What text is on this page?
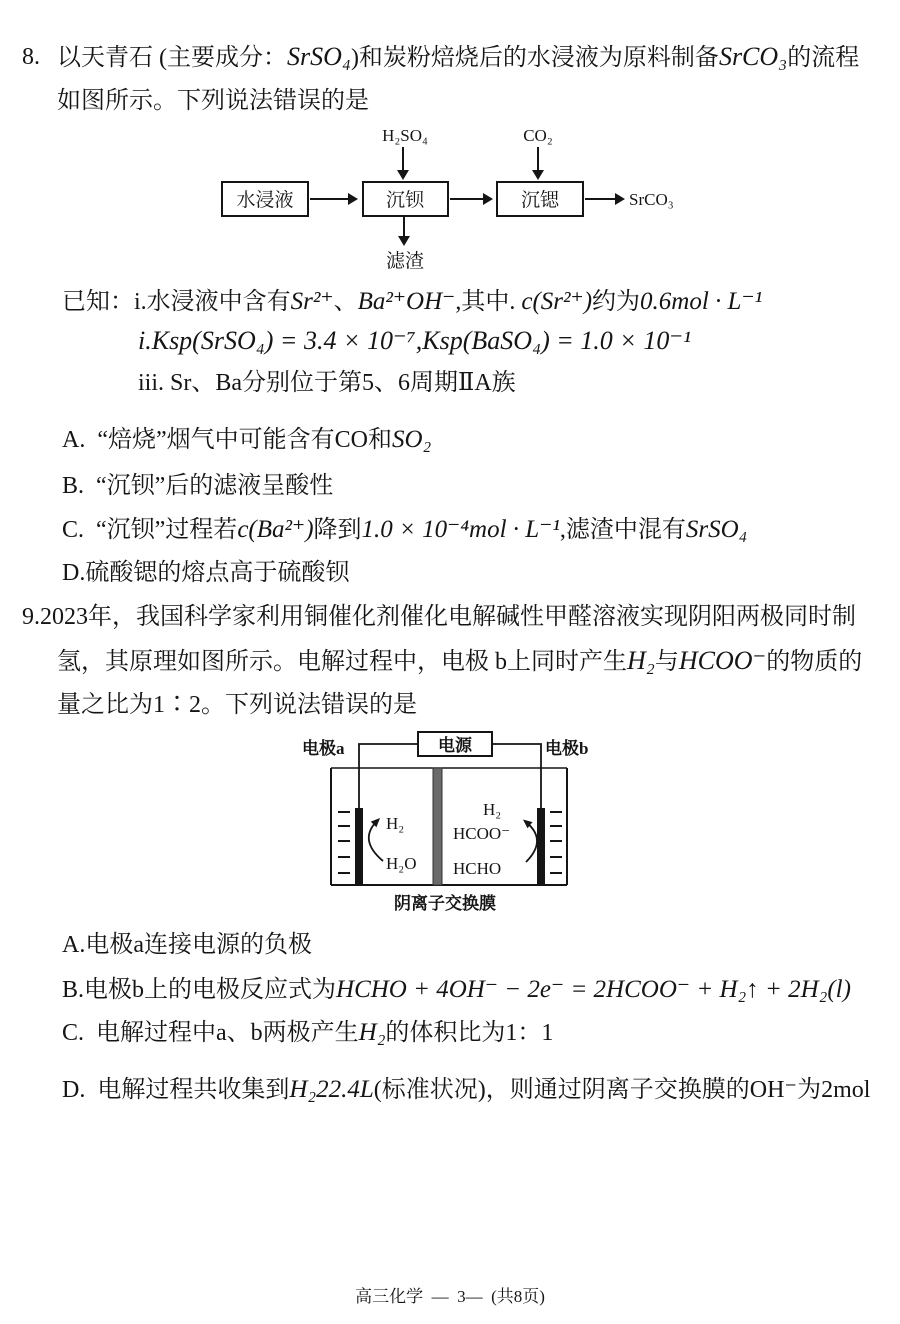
8. 以天青石 (主要成分：SrSO₄)和炭粉焙烧后的水浸液为原料制备SrCO₃的流程
如图所示。下列说法错误的是
H₂SO₄
水浸液	沉钡	沉锶
CO₂
SrCO₃
滤渣
已知：i.水浸液中含有Sr²⁺、Ba²⁺OH⁻,其中. c(Sr²⁺)约为0.6mol · L⁻¹
i.Ksp(SrSO₄) = 3.4 × 10⁻⁷,Ksp(BaSO₄) = 1.0 × 10⁻¹
iii. Sr、Ba分别位于第5、6周期ⅡA族
A.  “焙烧”烟气中可能含有CO和SO₂
B.  “沉钡”后的滤液呈酸性
C.  “沉钡”过程若c(Ba²⁺)降到1.0 × 10⁻⁴mol · L⁻¹,滤渣中混有SrSO₄
D.硫酸锶的熔点高于硫酸钡
9.2023年，我国科学家利用铜催化剂催化电解碱性甲醛溶液实现阴阳两极同时制
氢，其原理如图所示。电解过程中，电极 b上同时产生H₂与HCOO⁻的物质的
量之比为1∶2。下列说法错误的是
电极a	电源	电极b
H₂
H₂O
H₂
HCOO⁻
HCHO
阴离子交换膜
A.电极a连接电源的负极
B.电极b上的电极反应式为HCHO + 4OH⁻ − 2e⁻ = 2HCOO⁻ + H₂↑ + 2H₂(l)
C.  电解过程中a、b两极产生H₂的体积比为1：1
D.  电解过程共收集到H₂22.4L(标准状况)，则通过阴离子交换膜的OH⁻为2mol
高三化学  —  3—  (共8页)
